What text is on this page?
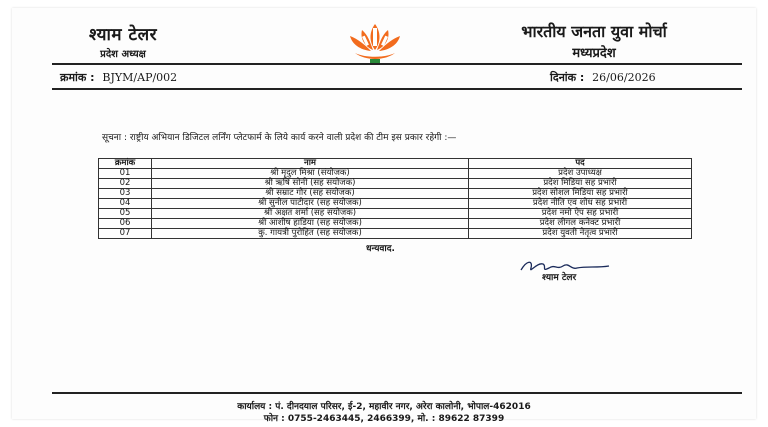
श्याम टेलर
प्रदेश अध्यक्ष
भारतीय जनता युवा मोर्चा
मध्यप्रदेश
क्रमांक : BJYM/AP/002	दिनांक : 26/06/2026
सूचना : राष्ट्रीय अभियान डिजिटल लर्निंग प्लेटफार्म के लिये कार्य करने वाली प्रदेश की टीम इस प्रकार रहेगी :—
क्रमांक	नाम	पद
01	श्री मृदुल मिश्रा (संयोजक)	प्रदेश उपाध्यक्ष
02	श्री ऋषि सोनी (सह संयोजक)	प्रदेश मिडिया सह प्रभारी
03	श्री सम्राट गौर (सह संयोजक)	प्रदेश सोशल मिडिया सह प्रभारी
04	श्री सुनील पाटीदार (सह संयोजक)	प्रदेश नीति एवं शोध सह प्रभारी
05	श्री अक्षत शर्मा (सह संयोजक)	प्रदेश नमो ऐप सह प्रभारी
06	श्री आशीष हांडिया (सह संयोजक)	प्रदेश लीगल कनेक्ट प्रभारी
07	कु. गायत्री पुरोहित (सह संयोजक)	प्रदेश युवती नेतृत्व प्रभारी
धन्यवाद.
श्याम टेलर
कार्यालय : पं. दीनदयाल परिसर, ई-2, महावीर नगर, अरेरा कालोनी, भोपाल-462016
फोन : 0755-2463445, 2466399, मो. : 89622 87399
